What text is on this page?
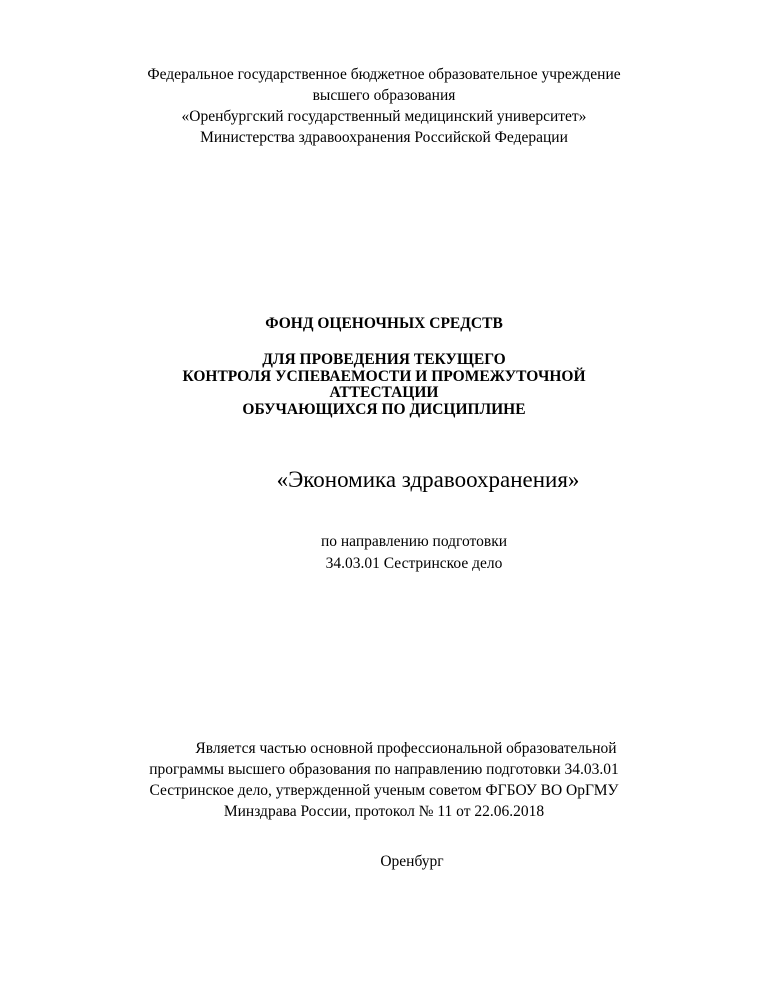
Федеральное государственное бюджетное образовательное учреждение
высшего образования
«Оренбургский государственный медицинский университет»
Министерства здравоохранения Российской Федерации
ФОНД ОЦЕНОЧНЫХ СРЕДСТВ
ДЛЯ ПРОВЕДЕНИЯ ТЕКУЩЕГО
КОНТРОЛЯ УСПЕВАЕМОСТИ И ПРОМЕЖУТОЧНОЙ
АТТЕСТАЦИИ
ОБУЧАЮЩИХСЯ ПО ДИСЦИПЛИНЕ
«Экономика здравоохранения»
по направлению подготовки
34.03.01 Сестринское дело
Является частью основной профессиональной образовательной
программы высшего образования по направлению подготовки 34.03.01
Сестринское дело, утвержденной ученым советом ФГБОУ ВО ОрГМУ
Минздрава России, протокол № 11 от 22.06.2018
Оренбург
